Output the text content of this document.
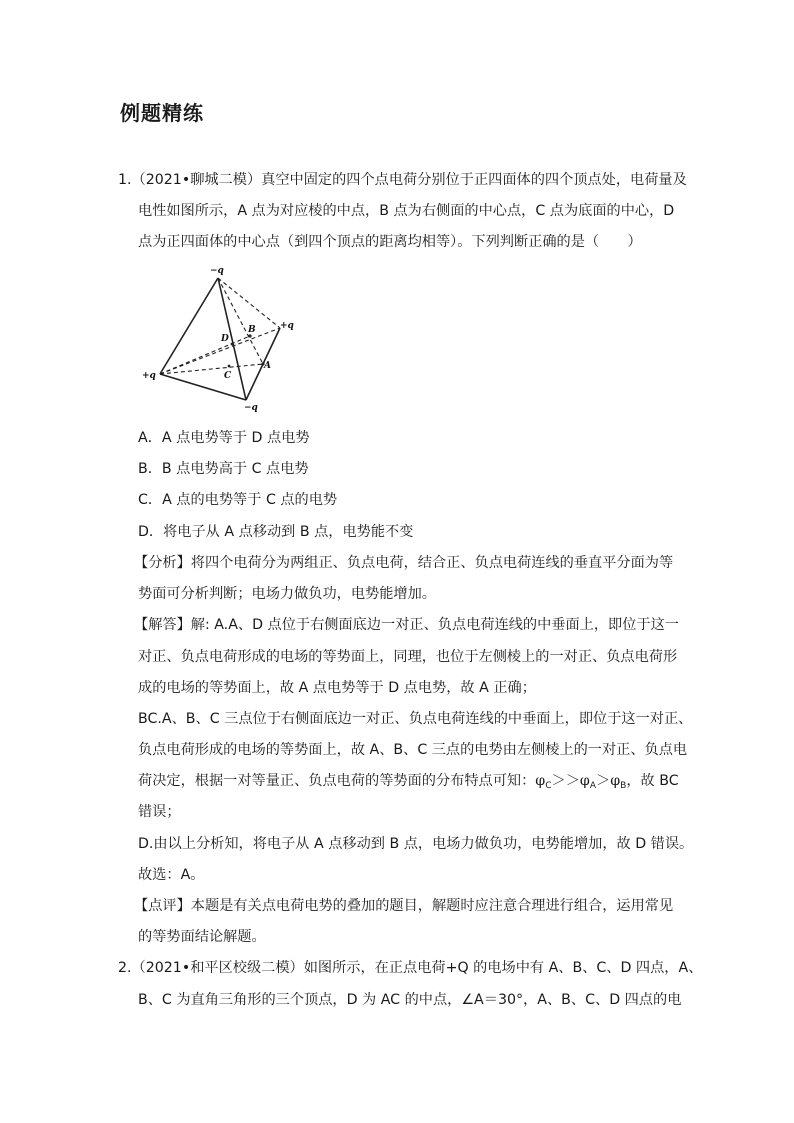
例题精练
1.（2021•聊城二模）真空中固定的四个点电荷分别位于正四面体的四个顶点处，电荷量及
电性如图所示，A 点为对应棱的中点，B 点为右侧面的中心点，C 点为底面的中心，D
点为正四面体的中心点（到四个顶点的距离均相等）。下列判断正确的是（　　）
−q
+q
+q
−q
A
B
C
D
A．A 点电势等于 D 点电势
B．B 点电势高于 C 点电势
C．A 点的电势等于 C 点的电势
D．将电子从 A 点移动到 B 点，电势能不变
【分析】将四个电荷分为两组正、负点电荷，结合正、负点电荷连线的垂直平分面为等
势面可分析判断；电场力做负功，电势能增加。
【解答】解: A.A、D 点位于右侧面底边一对正、负点电荷连线的中垂面上，即位于这一
对正、负点电荷形成的电场的等势面上，同理，也位于左侧棱上的一对正、负点电荷形
成的电场的等势面上，故 A 点电势等于 D 点电势，故 A 正确；
BC.A、B、C 三点位于右侧面底边一对正、负点电荷连线的中垂面上，即位于这一对正、
负点电荷形成的电场的等势面上，故 A、B、C 三点的电势由左侧棱上的一对正、负点电
荷决定，根据一对等量正、负点电荷的等势面的分布特点可知：$\varphi_C>>\varphi_A>\varphi_B$，故 BC
错误；
D.由以上分析知，将电子从 A 点移动到 B 点，电场力做负功，电势能增加，故 D 错误。
故选：A。
【点评】本题是有关点电荷电势的叠加的题目，解题时应注意合理进行组合，运用常见
的等势面结论解题。
2.（2021•和平区校级二模）如图所示，在正点电荷+Q 的电场中有 A、B、C、D 四点，A、
B、C 为直角三角形的三个顶点，D 为 AC 的中点，∠A＝30°，A、B、C、D 四点的电
